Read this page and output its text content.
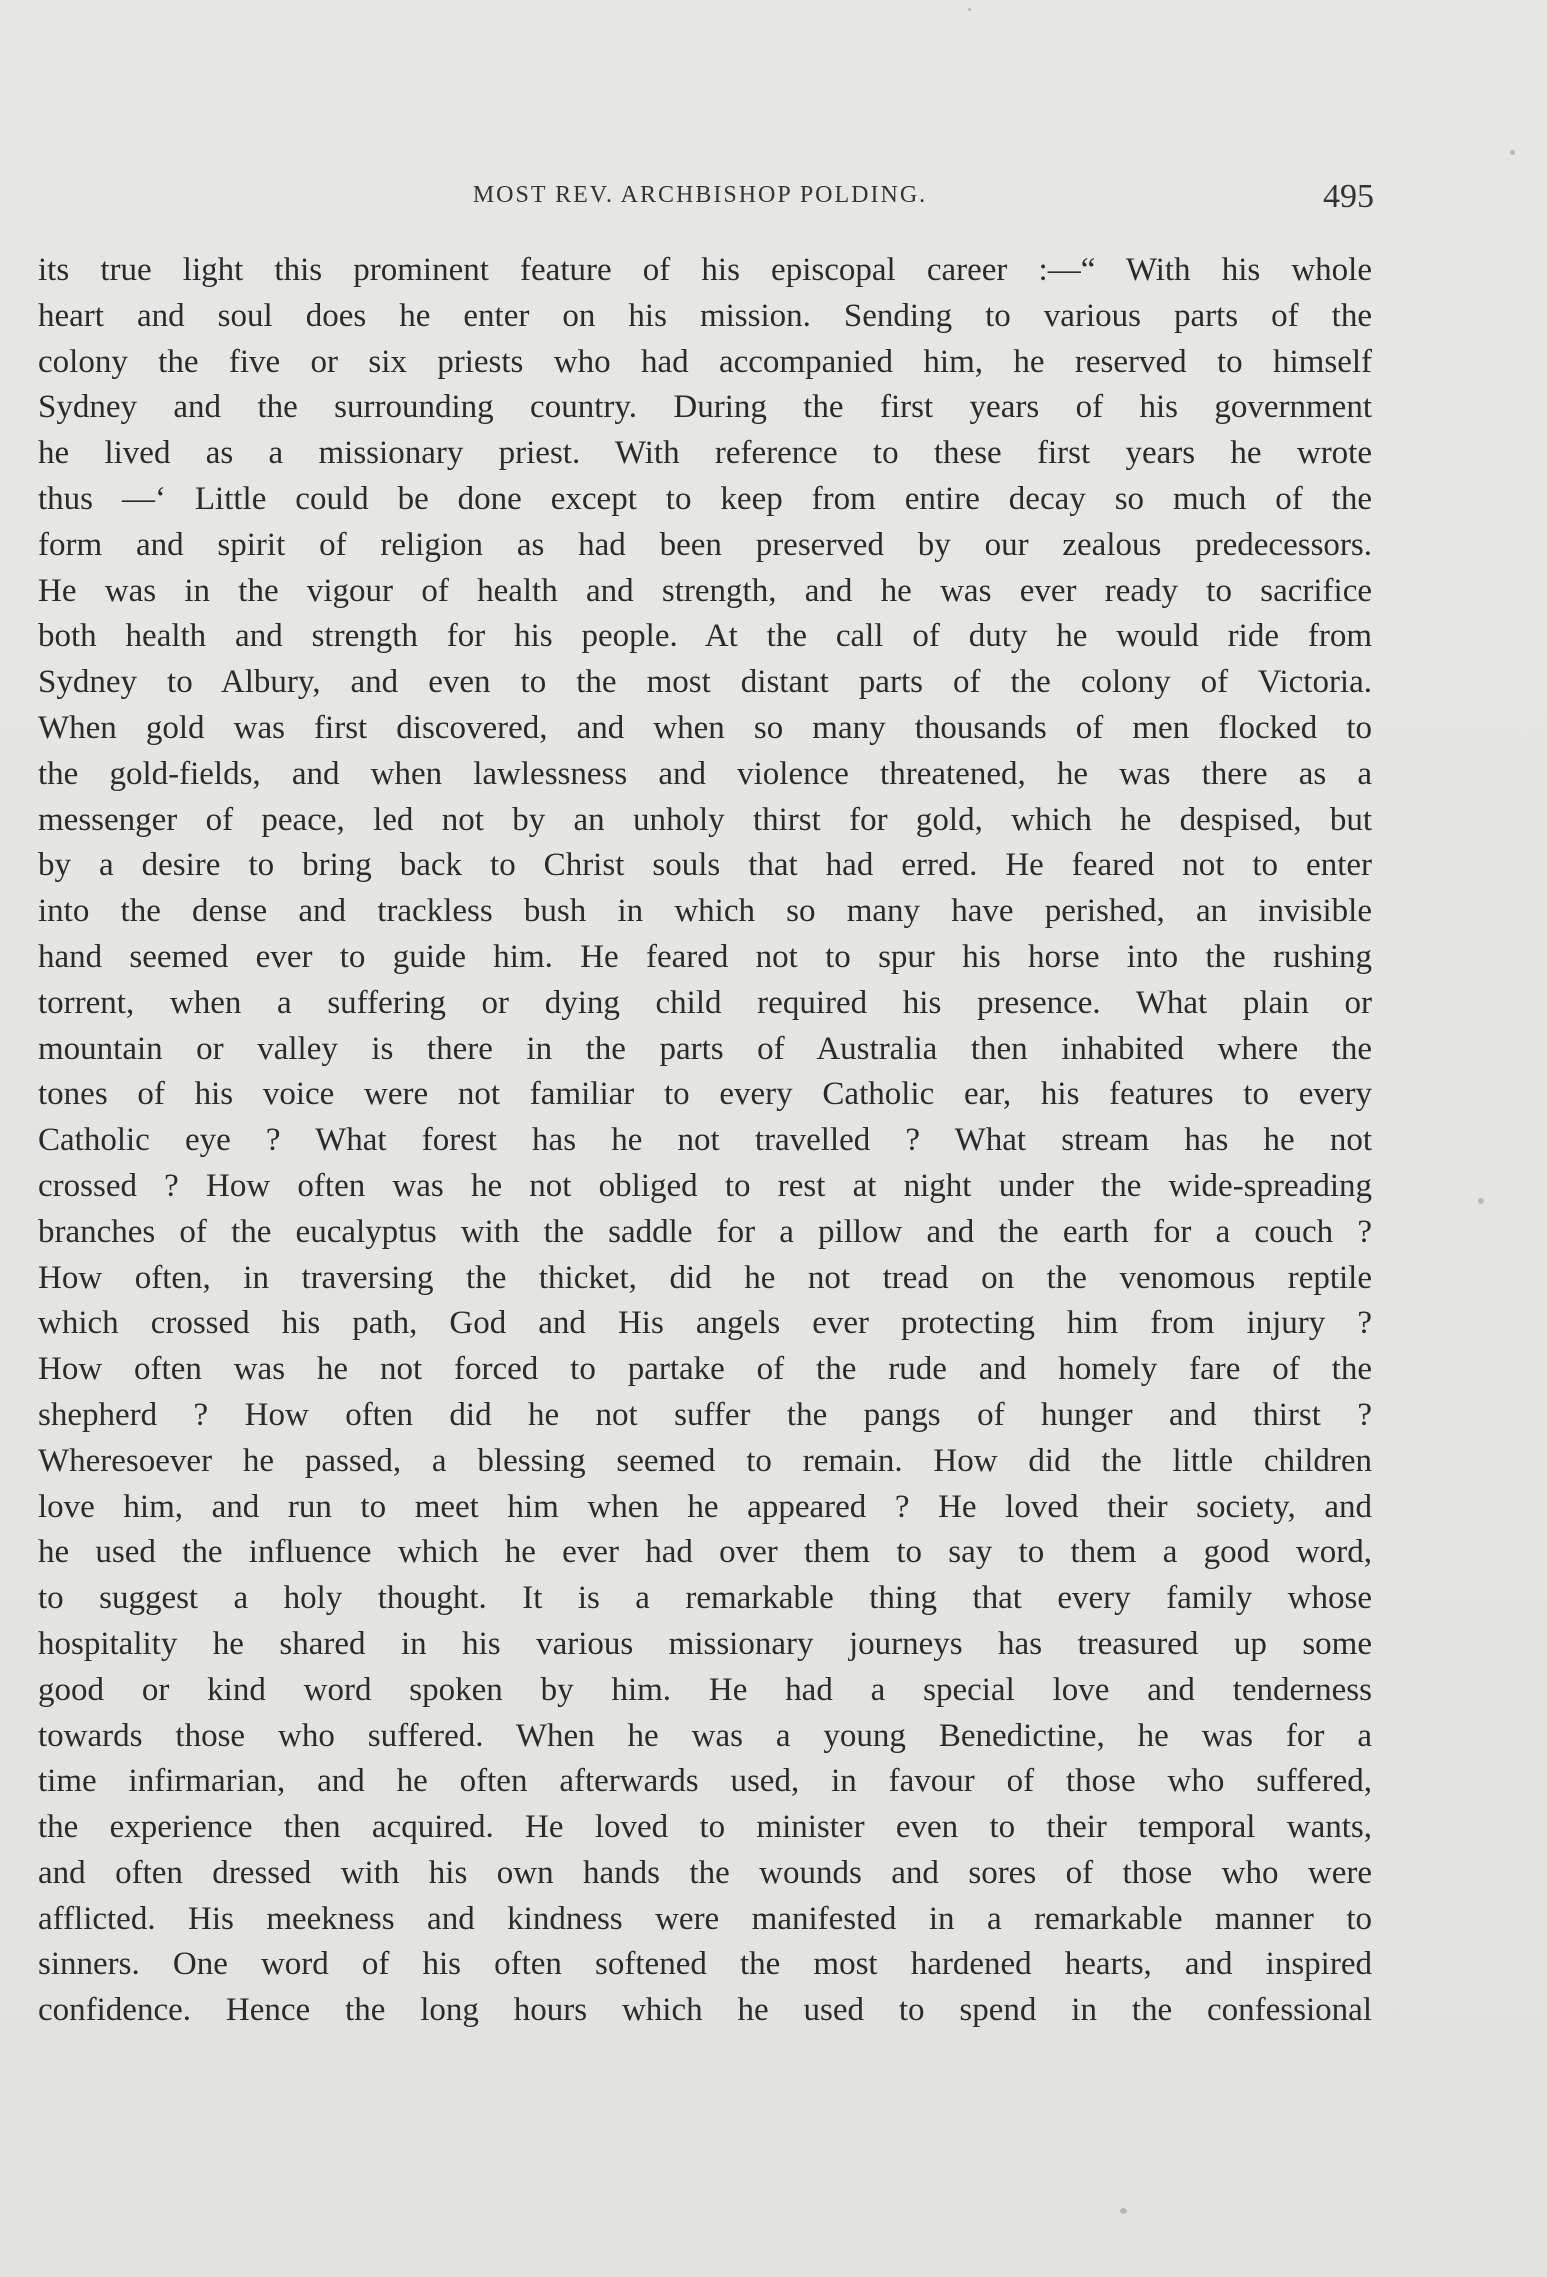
MOST REV. ARCHBISHOP POLDING.	495
its true light this prominent feature of his episcopal career :—“ With his whole
heart and soul does he enter on his mission. Sending to various parts of the
colony the five or six priests who had accompanied him, he reserved to himself
Sydney and the surrounding country. During the first years of his government
he lived as a missionary priest. With reference to these first years he wrote
thus —‘ Little could be done except to keep from entire decay so much of the
form and spirit of religion as had been preserved by our zealous predecessors.
He was in the vigour of health and strength, and he was ever ready to sacrifice
both health and strength for his people. At the call of duty he would ride from
Sydney to Albury, and even to the most distant parts of the colony of Victoria.
When gold was first discovered, and when so many thousands of men flocked to
the gold-fields, and when lawlessness and violence threatened, he was there as a
messenger of peace, led not by an unholy thirst for gold, which he despised, but
by a desire to bring back to Christ souls that had erred. He feared not to enter
into the dense and trackless bush in which so many have perished, an invisible
hand seemed ever to guide him. He feared not to spur his horse into the rushing
torrent, when a suffering or dying child required his presence. What plain or
mountain or valley is there in the parts of Australia then inhabited where the
tones of his voice were not familiar to every Catholic ear, his features to every
Catholic eye ? What forest has he not travelled ? What stream has he not
crossed ? How often was he not obliged to rest at night under the wide-spreading
branches of the eucalyptus with the saddle for a pillow and the earth for a couch ?
How often, in traversing the thicket, did he not tread on the venomous reptile
which crossed his path, God and His angels ever protecting him from injury ?
How often was he not forced to partake of the rude and homely fare of the
shepherd ? How often did he not suffer the pangs of hunger and thirst ?
Wheresoever he passed, a blessing seemed to remain. How did the little children
love him, and run to meet him when he appeared ? He loved their society, and
he used the influence which he ever had over them to say to them a good word,
to suggest a holy thought. It is a remarkable thing that every family whose
hospitality he shared in his various missionary journeys has treasured up some
good or kind word spoken by him. He had a special love and tenderness
towards those who suffered. When he was a young Benedictine, he was for a
time infirmarian, and he often afterwards used, in favour of those who suffered,
the experience then acquired. He loved to minister even to their temporal wants,
and often dressed with his own hands the wounds and sores of those who were
afflicted. His meekness and kindness were manifested in a remarkable manner to
sinners. One word of his often softened the most hardened hearts, and inspired
confidence. Hence the long hours which he used to spend in the confessional
